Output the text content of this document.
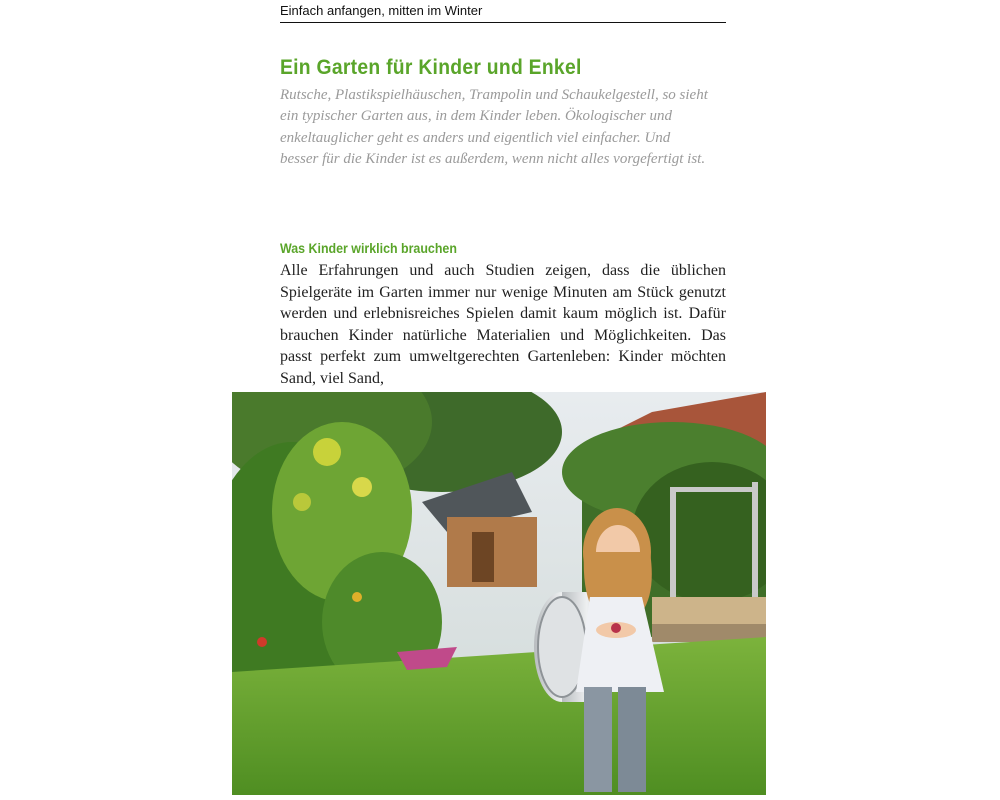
Einfach anfangen, mitten im Winter
Ein Garten für Kinder und Enkel

Rutsche, Plastikspielhäuschen, Trampolin und Schaukelgestell, so sieht ein typischer Garten aus, in dem Kinder leben. Ökologischer und enkeltauglicher geht es anders und eigentlich viel einfacher. Und besser für die Kinder ist es außerdem, wenn nicht alles vorgefertigt ist.

Was Kinder wirklich brauchen

Alle Erfahrungen und auch Studien zeigen, dass die üblichen Spielgeräte im Garten immer nur wenige Minuten am Stück genutzt werden und erlebnisreiches Spielen damit kaum möglich ist. Dafür brauchen Kinder natürliche Materialien und Möglichkeiten. Das passt perfekt zum umweltgerechten Gartenleben: Kinder möchten Sand, viel Sand,
